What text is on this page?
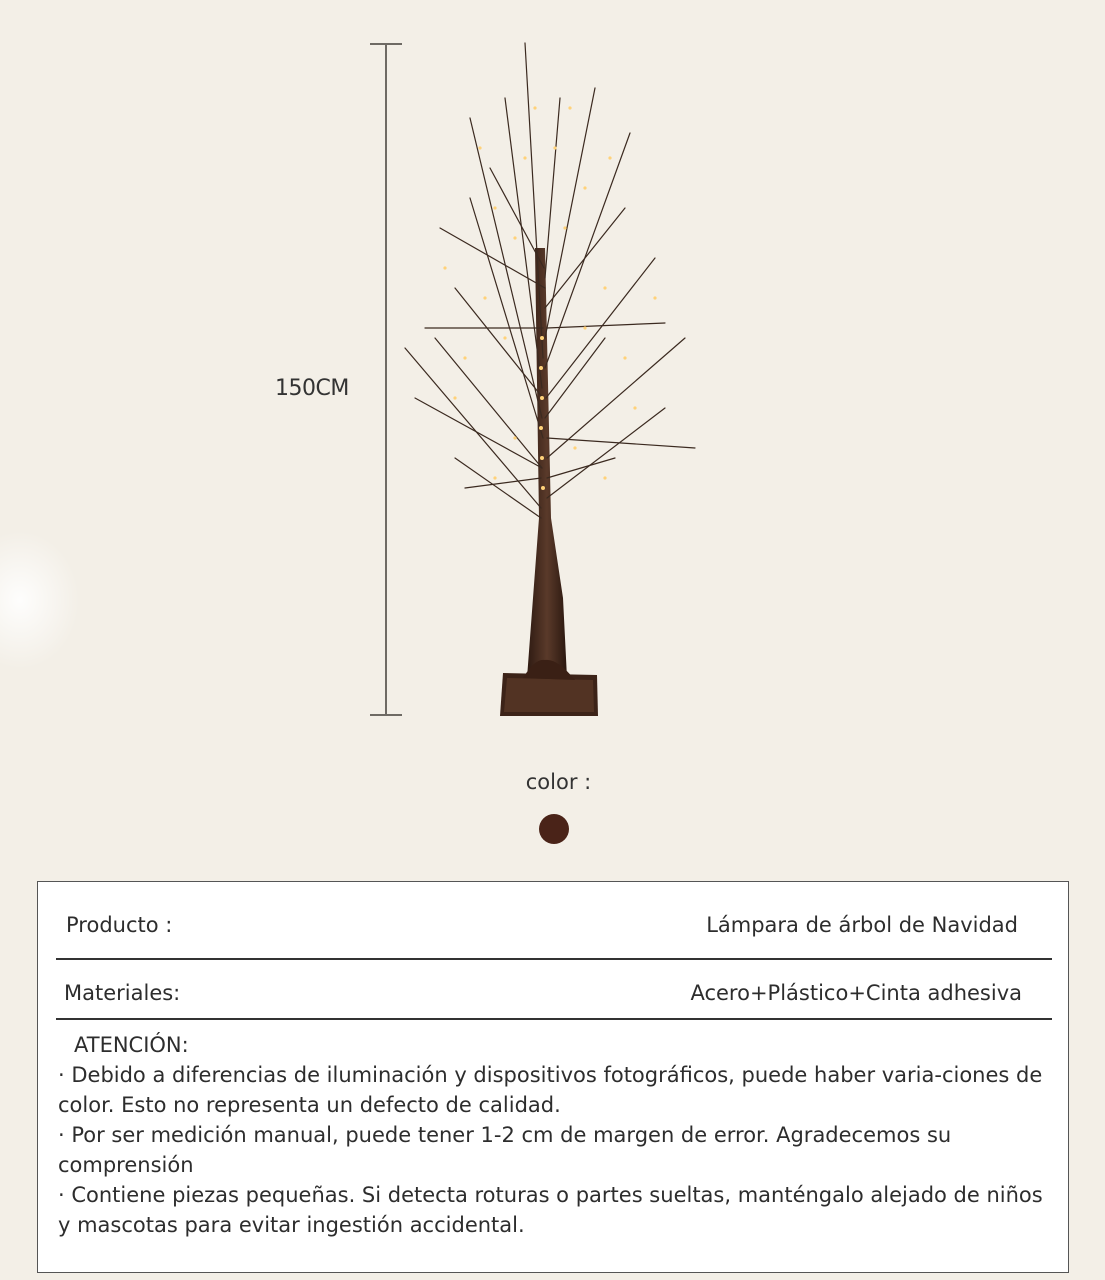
150CM
color :
Producto :	Lámpara de árbol de Navidad
Materiales:	Acero+Plástico+Cinta adhesiva

ATENCIÓN:

· Debido a diferencias de iluminación y dispositivos fotográficos, puede haber varia-ciones de color. Esto no representa un defecto de calidad.

· Por ser medición manual, puede tener 1-2 cm de margen de error. Agradecemos su comprensión

· Contiene piezas pequeñas. Si detecta roturas o partes sueltas, manténgalo alejado de niños y mascotas para evitar ingestión accidental.
